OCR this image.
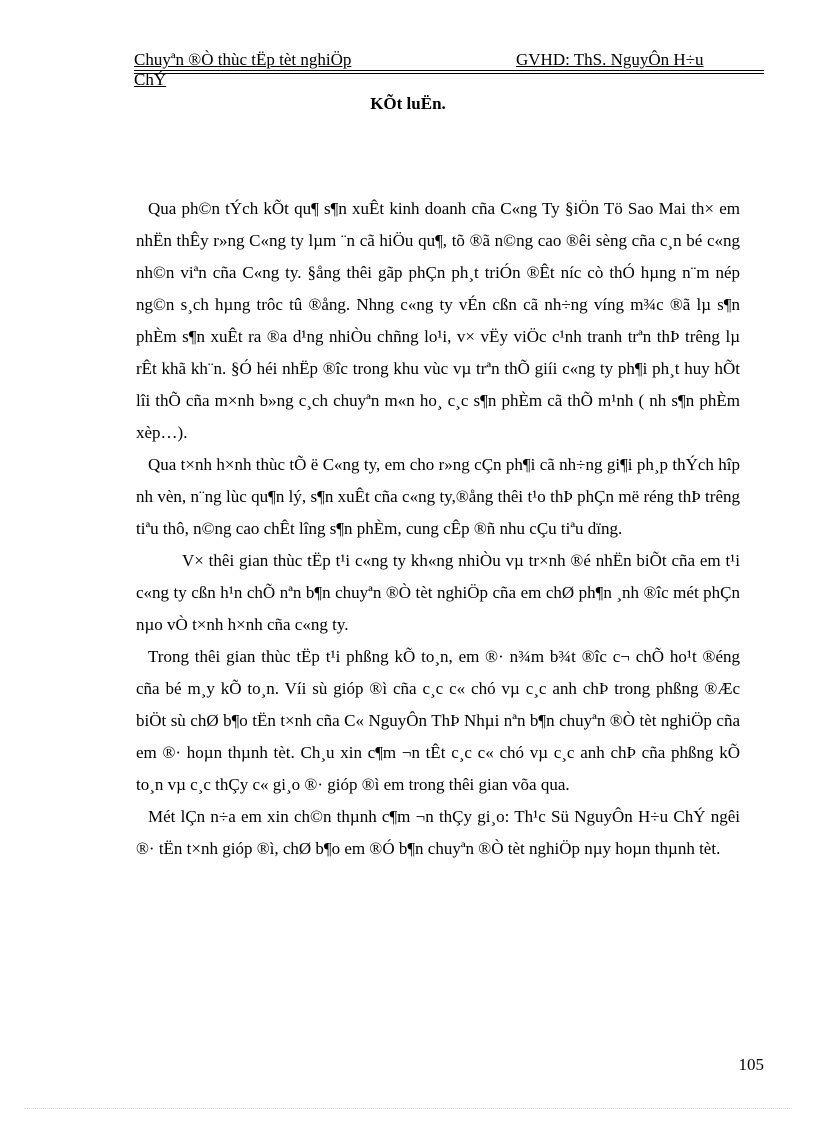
Chuyªn ®Ò thùc tËp tèt nghiÖp ChÝ
GVHD: ThS. NguyÔn H÷u
KÕt luËn.

Qua ph©n tÝch kÕt qu¶ s¶n xuÊt kinh doanh cña C«ng Ty §iÖn Tö Sao Mai th× em nhËn thÊy r»ng C«ng ty lµm ¨n cã hiÖu qu¶, tõ ®ã n©ng cao ®êi sèng cña c¸n bé c«ng nh©n viªn cña C«ng ty. §ång thêi gãp phÇn ph¸t triÓn ®Êt níc cò thÓ hµng n¨m nép ng©n s¸ch hµng trôc tû ®ång. Nhng c«ng ty vÉn cßn cã nh÷ng víng m¾c ®ã lµ s¶n phÈm s¶n xuÊt ra ®a d¹ng nhiÒu chñng lo¹i, v× vËy viÖc c¹nh tranh trªn thÞ trêng lµ rÊt khã kh¨n. §Ó héi nhËp ®îc trong khu vùc vµ trªn thÕ giíi c«ng ty ph¶i ph¸t huy hÕt lîi thÕ cña m×nh b»ng c¸ch chuyªn m«n ho¸ c¸c s¶n phÈm cã thÕ m¹nh ( nh s¶n phÈm xèp…).

Qua t×nh h×nh thùc tÕ ë C«ng ty, em cho r»ng cÇn ph¶i cã nh÷ng gi¶i ph¸p thÝch hîp nh vèn, n¨ng lùc qu¶n lý, s¶n xuÊt cña c«ng ty,®ång thêi t¹o thÞ phÇn më réng thÞ trêng tiªu thô, n©ng cao chÊt lîng s¶n phÈm, cung cÊp ®ñ nhu cÇu tiªu dïng.

V× thêi gian thùc tËp t¹i c«ng ty kh«ng nhiÒu vµ tr×nh ®é nhËn biÕt cña em t¹i c«ng ty cßn h¹n chÕ nªn b¶n chuyªn ®Ò tèt nghiÖp cña em chØ ph¶n ¸nh ®îc mét phÇn nµo vÒ t×nh h×nh cña c«ng ty.

Trong thêi gian thùc tËp t¹i phßng kÕ to¸n, em ®· n¾m b¾t ®îc c¬ chÕ ho¹t ®éng cña bé m¸y kÕ to¸n. Víi sù gióp ®ì cña c¸c c« chó vµ c¸c anh chÞ trong phßng ®Æc biÖt sù chØ b¶o tËn t×nh cña C« NguyÔn ThÞ Nhµi nªn b¶n chuyªn ®Ò tèt nghiÖp cña em ®· hoµn thµnh tèt. Ch¸u xin c¶m ¬n tÊt c¸c c« chó vµ c¸c anh chÞ cña phßng kÕ to¸n vµ c¸c thÇy c« gi¸o ®· gióp ®ì em trong thêi gian võa qua.

Mét lÇn n÷a em xin ch©n thµnh c¶m ¬n thÇy gi¸o: Th¹c Sü NguyÔn H÷u ChÝ ngêi ®· tËn t×nh gióp ®ì, chØ b¶o em ®Ó b¶n chuyªn ®Ò tèt nghiÖp nµy hoµn thµnh tèt.

105
